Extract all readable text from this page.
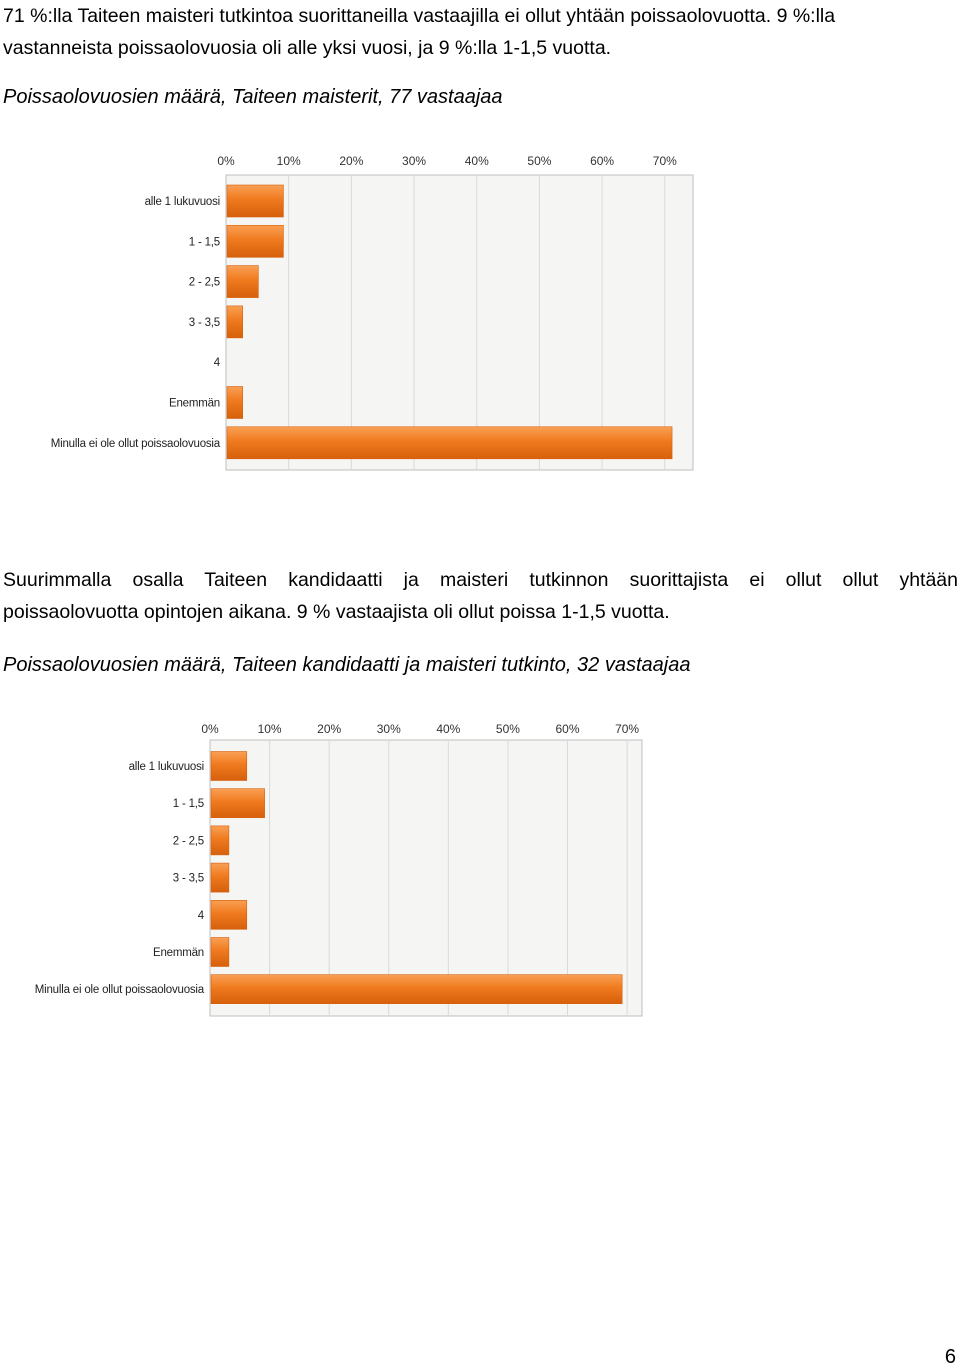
71 %:lla Taiteen maisteri tutkintoa suorittaneilla vastaajilla ei ollut yhtään poissaolovuotta. 9 %:lla
vastanneista poissaolovuosia oli alle yksi vuosi, ja 9 %:lla 1-1,5 vuotta.
Poissaolovuosien määrä, Taiteen maisterit, 77 vastaajaa
0%	10%	20%	30%	40%	50%	60%	70%
alle 1 lukuvuosi
1 - 1,5
2 - 2,5
3 - 3,5
4
Enemmän
Minulla ei ole ollut poissaolovuosia
Suurimmalla osalla Taiteen kandidaatti ja maisteri tutkinnon suorittajista ei ollut ollut yhtään
poissaolovuotta opintojen aikana. 9 % vastaajista oli ollut poissa 1-1,5 vuotta.
Poissaolovuosien määrä, Taiteen kandidaatti ja maisteri tutkinto, 32 vastaajaa
0%	10%	20%	30%	40%	50%	60%	70%
alle 1 lukuvuosi
1 - 1,5
2 - 2,5
3 - 3,5
4
Enemmän
Minulla ei ole ollut poissaolovuosia
6
